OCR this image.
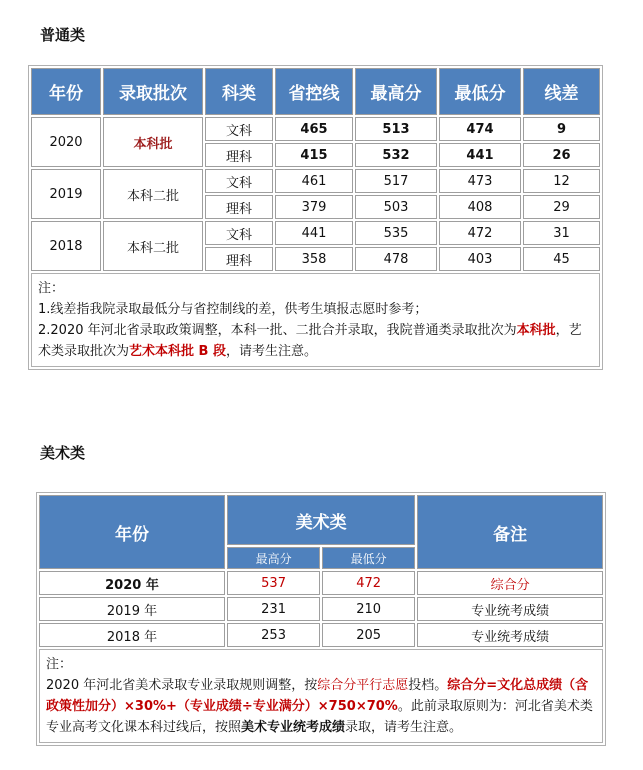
普通类
年份	录取批次	科类	省控线	最高分	最低分	线差
2020	本科批	文科	465	513	474	9
		理科	415	532	441	26
2019	本科二批	文科	461	517	473	12
		理科	379	503	408	29
2018	本科二批	文科	441	535	472	31
		理科	358	478	403	45

注：
1.线差指我院录取最低分与省控制线的差，供考生填报志愿时参考；
2.2020 年河北省录取政策调整，本科一批、二批合并录取，我院普通类录取批次为本科批，艺术类录取批次为艺术本科批 B 段，请考生注意。						
美术类
年份	美术类		备注
	最高分	最低分	
2020 年	537	472	综合分
2019 年	231	210	专业统考成绩
2018 年	253	205	专业统考成绩

注：
2020 年河北省美术录取专业录取规则调整，按综合分平行志愿投档。综合分=文化总成绩（含政策性加分）×30%+（专业成绩÷专业满分）×750×70%。此前录取原则为：河北省美术类专业高考文化课本科过线后，按照美术专业统考成绩录取，请考生注意。			
